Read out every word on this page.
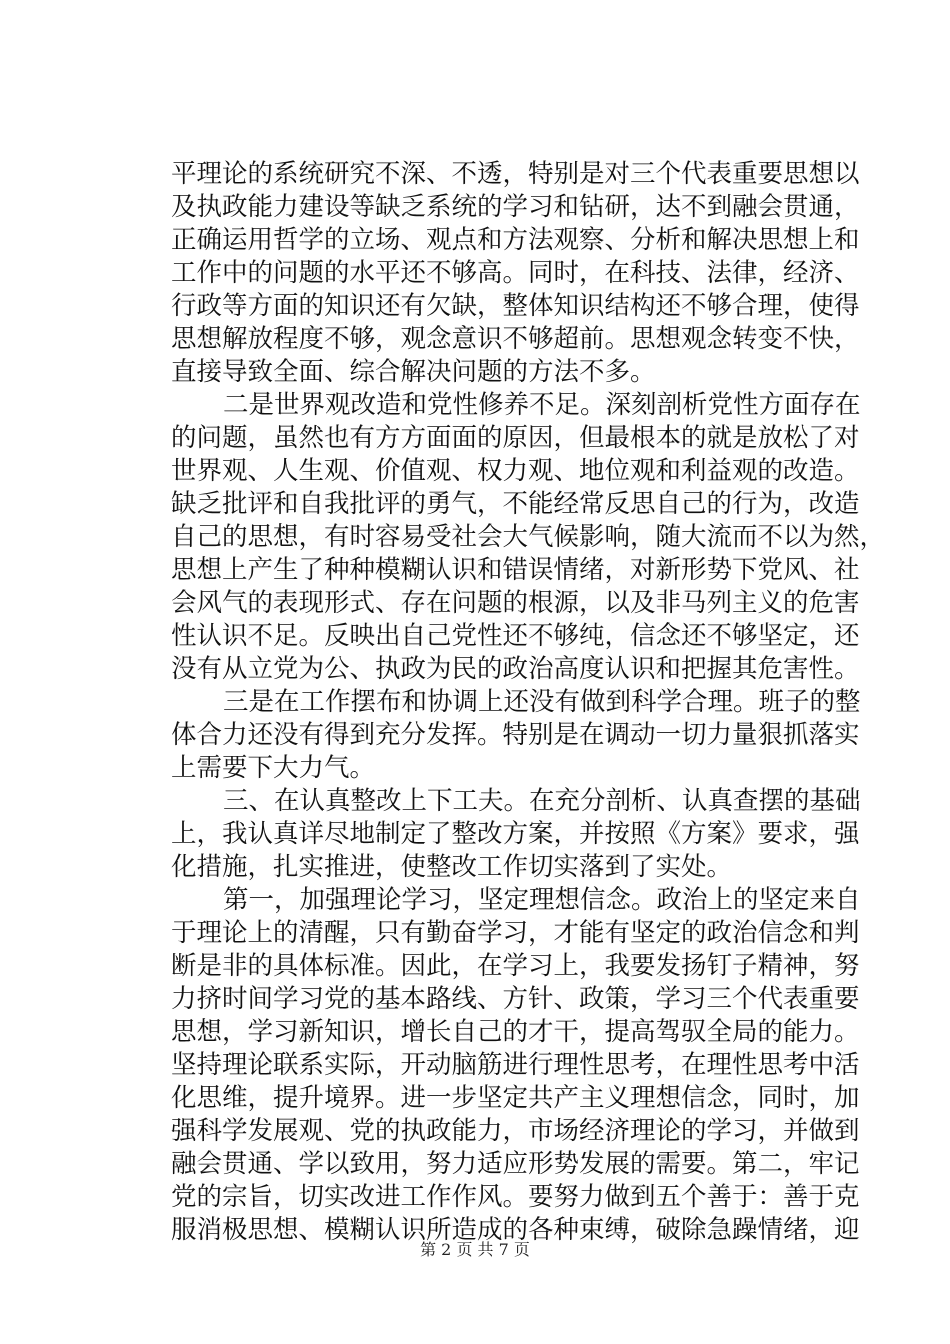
平理论的系统研究不深、不透，特别是对三个代表重要思想以
及执政能力建设等缺乏系统的学习和钻研，达不到融会贯通，
正确运用哲学的立场、观点和方法观察、分析和解决思想上和
工作中的问题的水平还不够高。同时，在科技、法律，经济、
行政等方面的知识还有欠缺，整体知识结构还不够合理，使得
思想解放程度不够，观念意识不够超前。思想观念转变不快，
直接导致全面、综合解决问题的方法不多。
二是世界观改造和党性修养不足。深刻剖析党性方面存在
的问题，虽然也有方方面面的原因，但最根本的就是放松了对
世界观、人生观、价值观、权力观、地位观和利益观的改造。
缺乏批评和自我批评的勇气，不能经常反思自己的行为，改造
自己的思想，有时容易受社会大气候影响，随大流而不以为然，
思想上产生了种种模糊认识和错误情绪，对新形势下党风、社
会风气的表现形式、存在问题的根源，以及非马列主义的危害
性认识不足。反映出自己党性还不够纯，信念还不够坚定，还
没有从立党为公、执政为民的政治高度认识和把握其危害性。
三是在工作摆布和协调上还没有做到科学合理。班子的整
体合力还没有得到充分发挥。特别是在调动一切力量狠抓落实
上需要下大力气。
三、在认真整改上下工夫。在充分剖析、认真查摆的基础
上，我认真详尽地制定了整改方案，并按照《方案》要求，强
化措施，扎实推进，使整改工作切实落到了实处。
第一，加强理论学习，坚定理想信念。政治上的坚定来自
于理论上的清醒，只有勤奋学习，才能有坚定的政治信念和判
断是非的具体标准。因此，在学习上，我要发扬钉子精神，努
力挤时间学习党的基本路线、方针、政策，学习三个代表重要
思想，学习新知识，增长自己的才干，提高驾驭全局的能力。
坚持理论联系实际，开动脑筋进行理性思考，在理性思考中活
化思维，提升境界。进一步坚定共产主义理想信念，同时，加
强科学发展观、党的执政能力，市场经济理论的学习，并做到
融会贯通、学以致用，努力适应形势发展的需要。第二，牢记
党的宗旨，切实改进工作作风。要努力做到五个善于：善于克
服消极思想、模糊认识所造成的各种束缚，破除急躁情绪，迎
第 2 页 共 7 页
